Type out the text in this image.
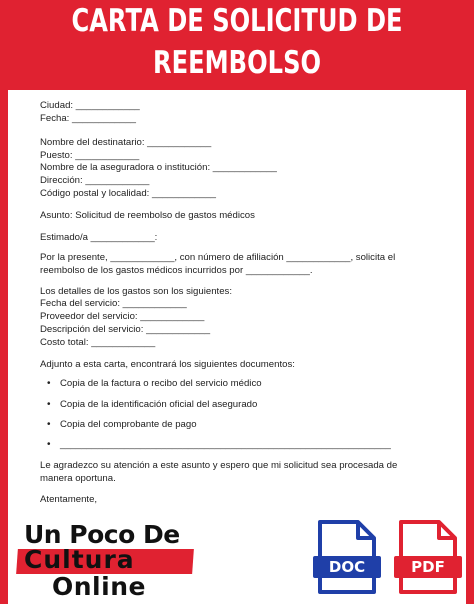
CARTA DE SOLICITUD DE
REEMBOLSO
Ciudad: ____________
Fecha: ____________
Nombre del destinatario: ____________
Puesto: ____________
Nombre de la aseguradora o institución: ____________
Dirección: ____________
Código postal y localidad: ____________
Asunto: Solicitud de reembolso de gastos médicos
Estimado/a ____________:
Por la presente, ____________, con número de afiliación ____________, solicita el
reembolso de los gastos médicos incurridos por ____________.
Los detalles de los gastos son los siguientes:
Fecha del servicio: ____________
Proveedor del servicio: ____________
Descripción del servicio: ____________
Costo total: ____________
Adjunto a esta carta, encontrará los siguientes documentos:
• Copia de la factura o recibo del servicio médico
• Copia de la identificación oficial del asegurado
• Copia del comprobante de pago
• ______________________________________________________________
Le agradezco su atención a este asunto y espero que mi solicitud sea procesada de
manera oportuna.
Atentamente,
Un Poco De
Cultura
Online
DOC	PDF
